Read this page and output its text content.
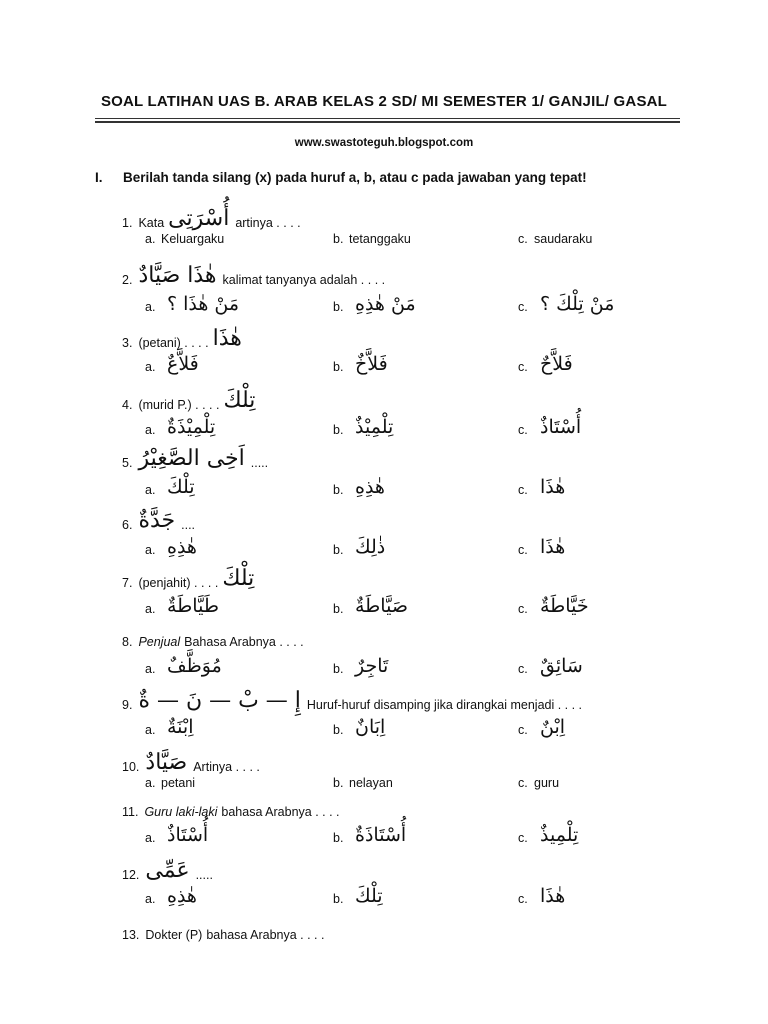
SOAL LATIHAN UAS B. ARAB KELAS 2 SD/ MI SEMESTER 1/ GANJIL/ GASAL
www.swastoteguh.blogspot.com
I. Berilah tanda silang (x) pada huruf a, b, atau c pada jawaban yang tepat!
1. Kata أُسْرَتِى artinya . . . .
a. Keluargaku	b. tetanggaku	c. saudaraku
2. هٰذَا صَيَّادٌ kalimat tanyanya adalah . . . .
a. مَنْ هٰذَا ؟	b. مَنْ هٰذِهِ	c. مَنْ تِلْكَ ؟
3. (petani) . . . . هٰذَا
a. فَلاَّعٌ	b. فَلاَّخٌ	c. فَلاَّحٌ
4. (murid P.) . . . . تِلْكَ
a. تِلْمِيْذَةٌ	b. تِلْمِيْذٌ	c. أُسْتَاذٌ
5. اَخِى الصَّغِيْرُ .....
a. تِلْكَ	b. هٰذِهِ	c. هٰذَا
6. جَدَّةٌ ....
a. هٰذِهِ	b. ذٰلِكَ	c. هٰذَا
7. (penjahit) . . . . تِلْكَ
a. طَيَّاطَةٌ	b. صَيَّاطَةٌ	c. خَيَّاطَةٌ
8. Penjual Bahasa Arabnya . . . .
a. مُوَظَّفٌ	b. تَاجِرٌ	c. سَائِقٌ
9. إِ — بْ — نَ — ةٌ Huruf-huruf disamping jika dirangkai menjadi . . . .
a. اِبْنَةٌ	b. اِبَانٌ	c. اِبْنٌ
10. صَيَّادٌ Artinya . . . .
a. petani	b. nelayan	c. guru
11. Guru laki-laki bahasa Arabnya . . . .
a. أُسْتَاذٌ	b. أُسْتَاذَةٌ	c. تِلْمِيذٌ
12. عَمِّى .....
a. هٰذِهِ	b. تِلْكَ	c. هٰذَا
13. Dokter (P) bahasa Arabnya . . . .
